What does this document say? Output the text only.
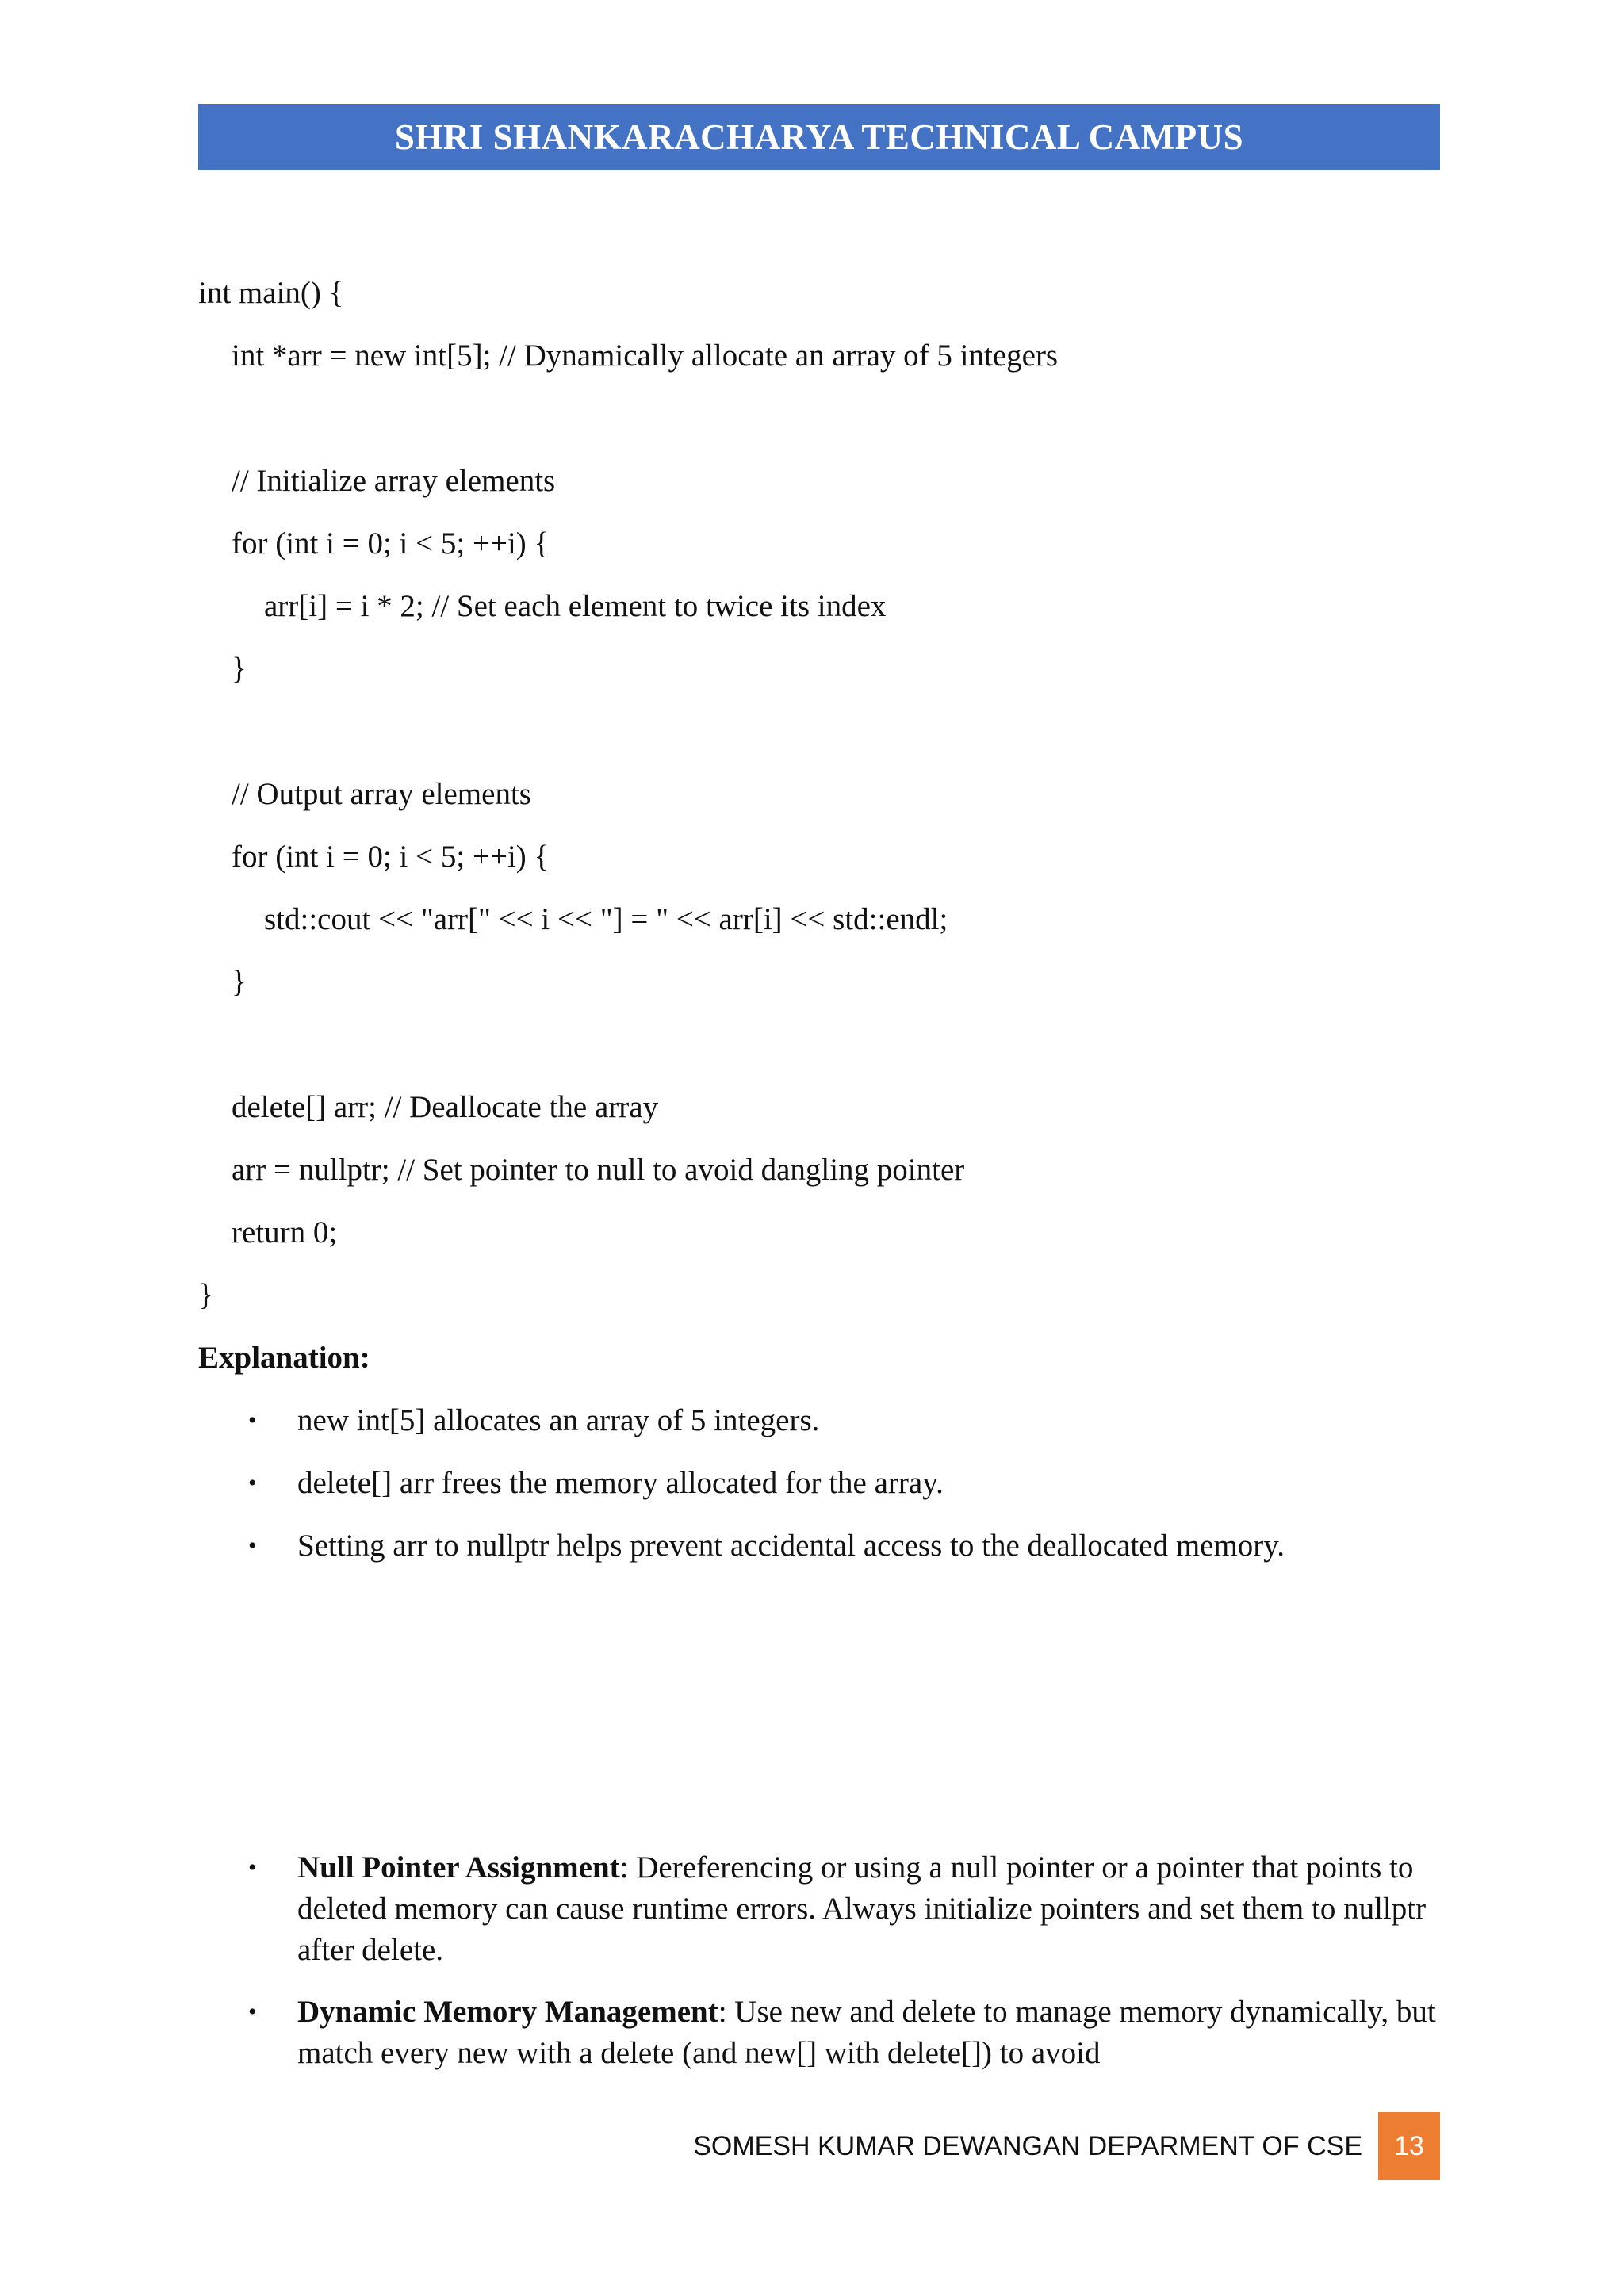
SHRI SHANKARACHARYA TECHNICAL CAMPUS
int main() {
int *arr = new int[5]; // Dynamically allocate an array of 5 integers
// Initialize array elements
for (int i = 0; i < 5; ++i) {
arr[i] = i * 2; // Set each element to twice its index
}
// Output array elements
for (int i = 0; i < 5; ++i) {
std::cout << "arr[" << i << "] = " << arr[i] << std::endl;
}
delete[] arr; // Deallocate the array
arr = nullptr; // Set pointer to null to avoid dangling pointer
return 0;
}
Explanation:
• new int[5] allocates an array of 5 integers.
• delete[] arr frees the memory allocated for the array.
• Setting arr to nullptr helps prevent accidental access to the deallocated memory.
• Null Pointer Assignment: Dereferencing or using a null pointer or a pointer that points to deleted memory can cause runtime errors. Always initialize pointers and set them to nullptr after delete.
• Dynamic Memory Management: Use new and delete to manage memory dynamically, but match every new with a delete (and new[] with delete[]) to avoid
SOMESH KUMAR DEWANGAN DEPARMENT OF CSE	13
